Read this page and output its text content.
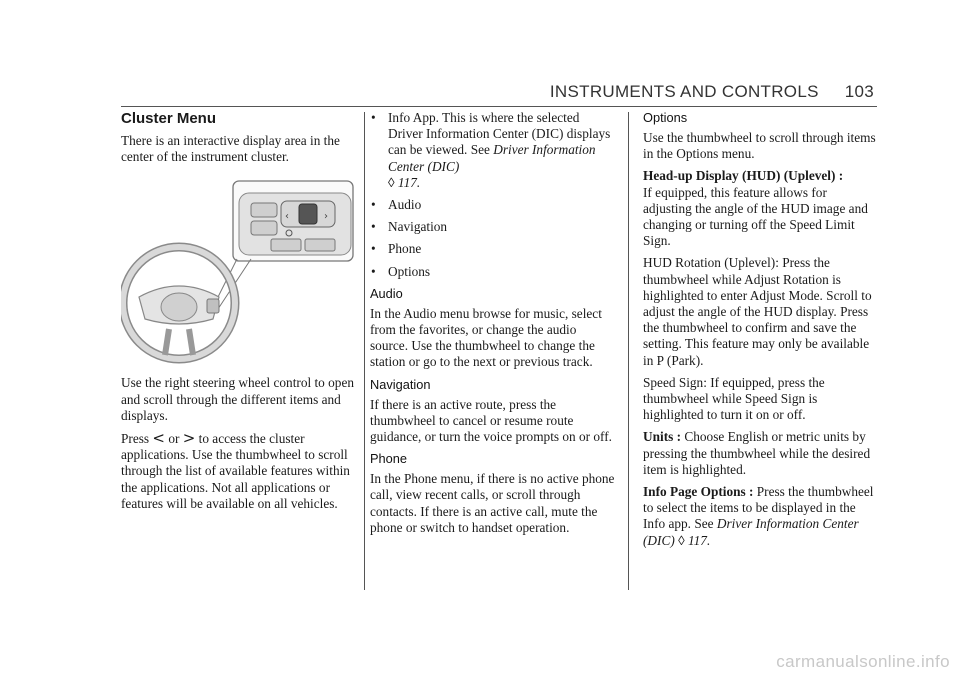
INSTRUMENTS AND CONTROLS 103
Cluster Menu

There is an interactive display area in the center of the instrument cluster.

‹	›

Use the right steering wheel control to open and scroll through the different items and displays.

Press < or > to access the cluster applications. Use the thumbwheel to scroll through the list of available features within the applications. Not all applications or features will be available on all vehicles.

• Info App. This is where the selected Driver Information Center (DIC) displays can be viewed. See Driver Information Center (DIC)
◊ 117.
• Audio
• Navigation
• Phone
• Options
Audio

In the Audio menu browse for music, select from the favorites, or change the audio source. Use the thumbwheel to change the station or go to the next or previous track.

Navigation

If there is an active route, press the thumbwheel to cancel or resume route guidance, or turn the voice prompts on or off.

Phone

In the Phone menu, if there is no active phone call, view recent calls, or scroll through contacts. If there is an active call, mute the phone or switch to handset operation.

Options

Use the thumbwheel to scroll through items in the Options menu.

Head-up Display (HUD) (Uplevel) :
If equipped, this feature allows for adjusting the angle of the HUD image and changing or turning off the Speed Limit Sign.

HUD Rotation (Uplevel): Press the thumbwheel while Adjust Rotation is highlighted to enter Adjust Mode. Scroll to adjust the angle of the HUD display. Press the thumbwheel to confirm and save the setting. This feature may only be available in P (Park).

Speed Sign: If equipped, press the thumbwheel while Speed Sign is highlighted to turn it on or off.

Units : Choose English or metric units by pressing the thumbwheel while the desired item is highlighted.

Info Page Options : Press the thumbwheel to select the items to be displayed in the Info app. See Driver Information Center (DIC) ◊ 117.

carmanualsonline.info
